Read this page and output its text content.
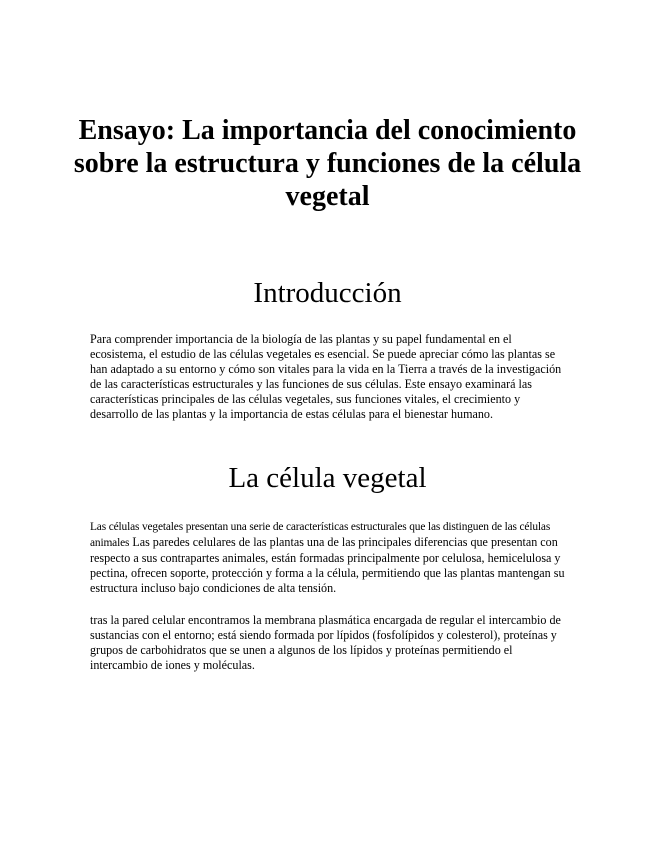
Ensayo: La importancia del conocimiento sobre la estructura y funciones de la célula vegetal
Introducción

Para comprender importancia de la biología de las plantas y su papel fundamental en el ecosistema, el estudio de las células vegetales es esencial. Se puede apreciar cómo las plantas se han adaptado a su entorno y cómo son vitales para la vida en la Tierra a través de la investigación de las características estructurales y las funciones de sus células. Este ensayo examinará las características principales de las células vegetales, sus funciones vitales, el crecimiento y desarrollo de las plantas y la importancia de estas células para el bienestar humano.

La célula vegetal

Las células vegetales presentan una serie de características estructurales que las distinguen de las células animales Las paredes celulares de las plantas una de las principales diferencias que presentan con respecto a sus contrapartes animales, están formadas principalmente por celulosa, hemicelulosa y pectina, ofrecen soporte, protección y forma a la célula, permitiendo que las plantas mantengan su estructura incluso bajo condiciones de alta tensión.

tras la pared celular encontramos la membrana plasmática encargada de regular el intercambio de sustancias con el entorno; está siendo formada por lípidos (fosfolípidos y colesterol), proteínas y grupos de carbohidratos que se unen a algunos de los lípidos y proteínas permitiendo el intercambio de iones y moléculas.
